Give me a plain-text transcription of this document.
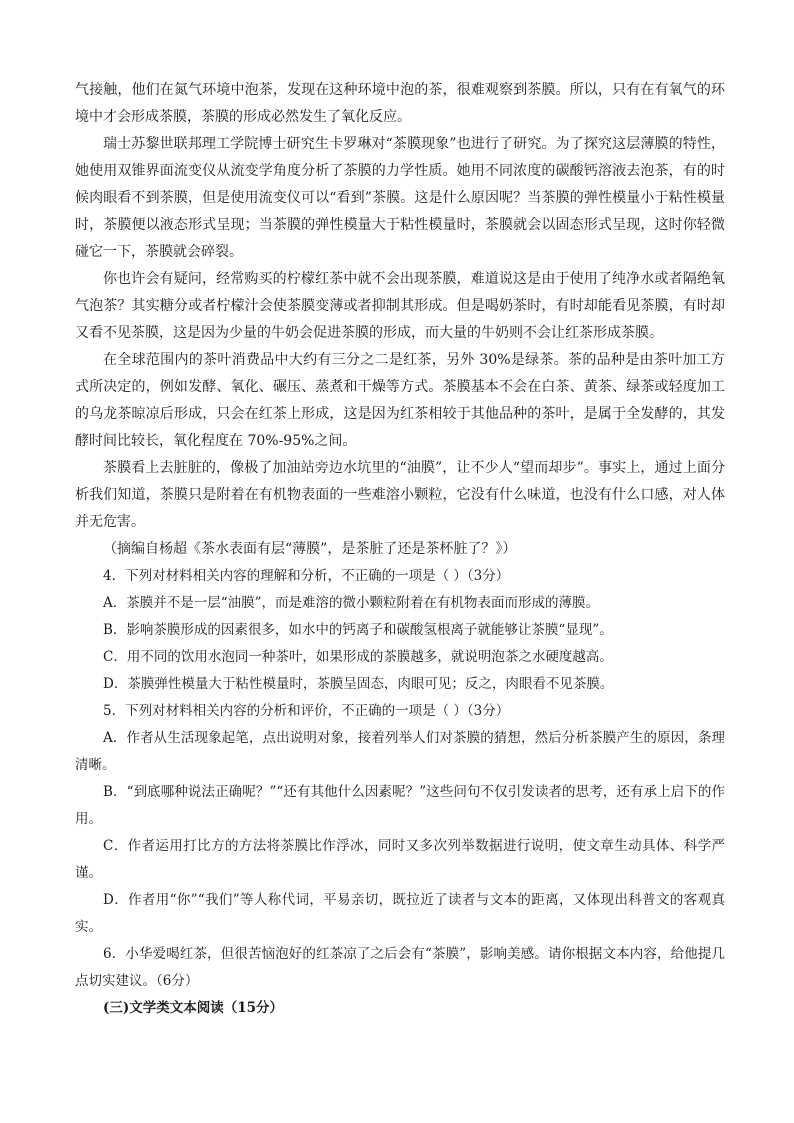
气接触，他们在氮气环境中泡茶，发现在这种环境中泡的茶，很难观察到茶膜。所以，只有在有氧气的环境中才会形成茶膜，茶膜的形成必然发生了氧化反应。

瑞士苏黎世联邦理工学院博士研究生卡罗琳对“茶膜现象”也进行了研究。为了探究这层薄膜的特性，她使用双锥界面流变仪从流变学角度分析了茶膜的力学性质。她用不同浓度的碳酸钙溶液去泡茶，有的时候肉眼看不到茶膜，但是使用流变仪可以“看到”茶膜。这是什么原因呢？当茶膜的弹性模量小于粘性模量时，茶膜便以液态形式呈现；当茶膜的弹性模量大于粘性模量时，茶膜就会以固态形式呈现，这时你轻微碰它一下，茶膜就会碎裂。

你也许会有疑问，经常购买的柠檬红茶中就不会出现茶膜，难道说这是由于使用了纯净水或者隔绝氧气泡茶？其实糖分或者柠檬汁会使茶膜变薄或者抑制其形成。但是喝奶茶时，有时却能看见茶膜，有时却又看不见茶膜，这是因为少量的牛奶会促进茶膜的形成，而大量的牛奶则不会让红茶形成茶膜。

在全球范围内的茶叶消费品中大约有三分之二是红茶，另外 30%是绿茶。茶的品种是由茶叶加工方式所决定的，例如发酵、氧化、碾压、蒸煮和干燥等方式。茶膜基本不会在白茶、黄茶、绿茶或轻度加工的乌龙茶晾凉后形成，只会在红茶上形成，这是因为红茶相较于其他品种的茶叶，是属于全发酵的，其发酵时间比较长，氧化程度在 70%-95%之间。

茶膜看上去脏脏的，像极了加油站旁边水坑里的“油膜”，让不少人“望而却步”。事实上，通过上面分析我们知道，茶膜只是附着在有机物表面的一些难溶小颗粒，它没有什么味道，也没有什么口感，对人体并无危害。

（摘编自杨超《茶水表面有层“薄膜”，是茶脏了还是茶杯脏了？》）

4．下列对材料相关内容的理解和分析，不正确的一项是（ ）（3分）

A．茶膜并不是一层“油膜”，而是难溶的微小颗粒附着在有机物表面而形成的薄膜。

B．影响茶膜形成的因素很多，如水中的钙离子和碳酸氢根离子就能够让茶膜“显现”。

C．用不同的饮用水泡同一种茶叶，如果形成的茶膜越多，就说明泡茶之水硬度越高。

D．茶膜弹性模量大于粘性模量时，茶膜呈固态，肉眼可见；反之，肉眼看不见茶膜。

5．下列对材料相关内容的分析和评价，不正确的一项是（ ）（3分）

A．作者从生活现象起笔，点出说明对象，接着列举人们对茶膜的猜想，然后分析茶膜产生的原因，条理清晰。

B．“到底哪种说法正确呢？”“还有其他什么因素呢？”这些问句不仅引发读者的思考，还有承上启下的作用。

C．作者运用打比方的方法将茶膜比作浮冰，同时又多次列举数据进行说明，使文章生动具体、科学严谨。

D．作者用“你”“我们”等人称代词，平易亲切，既拉近了读者与文本的距离，又体现出科普文的客观真实。

6．小华爱喝红茶，但很苦恼泡好的红茶凉了之后会有“茶膜”，影响美感。请你根据文本内容，给他提几点切实建议。（6分）

(三)文学类文本阅读（15分）
